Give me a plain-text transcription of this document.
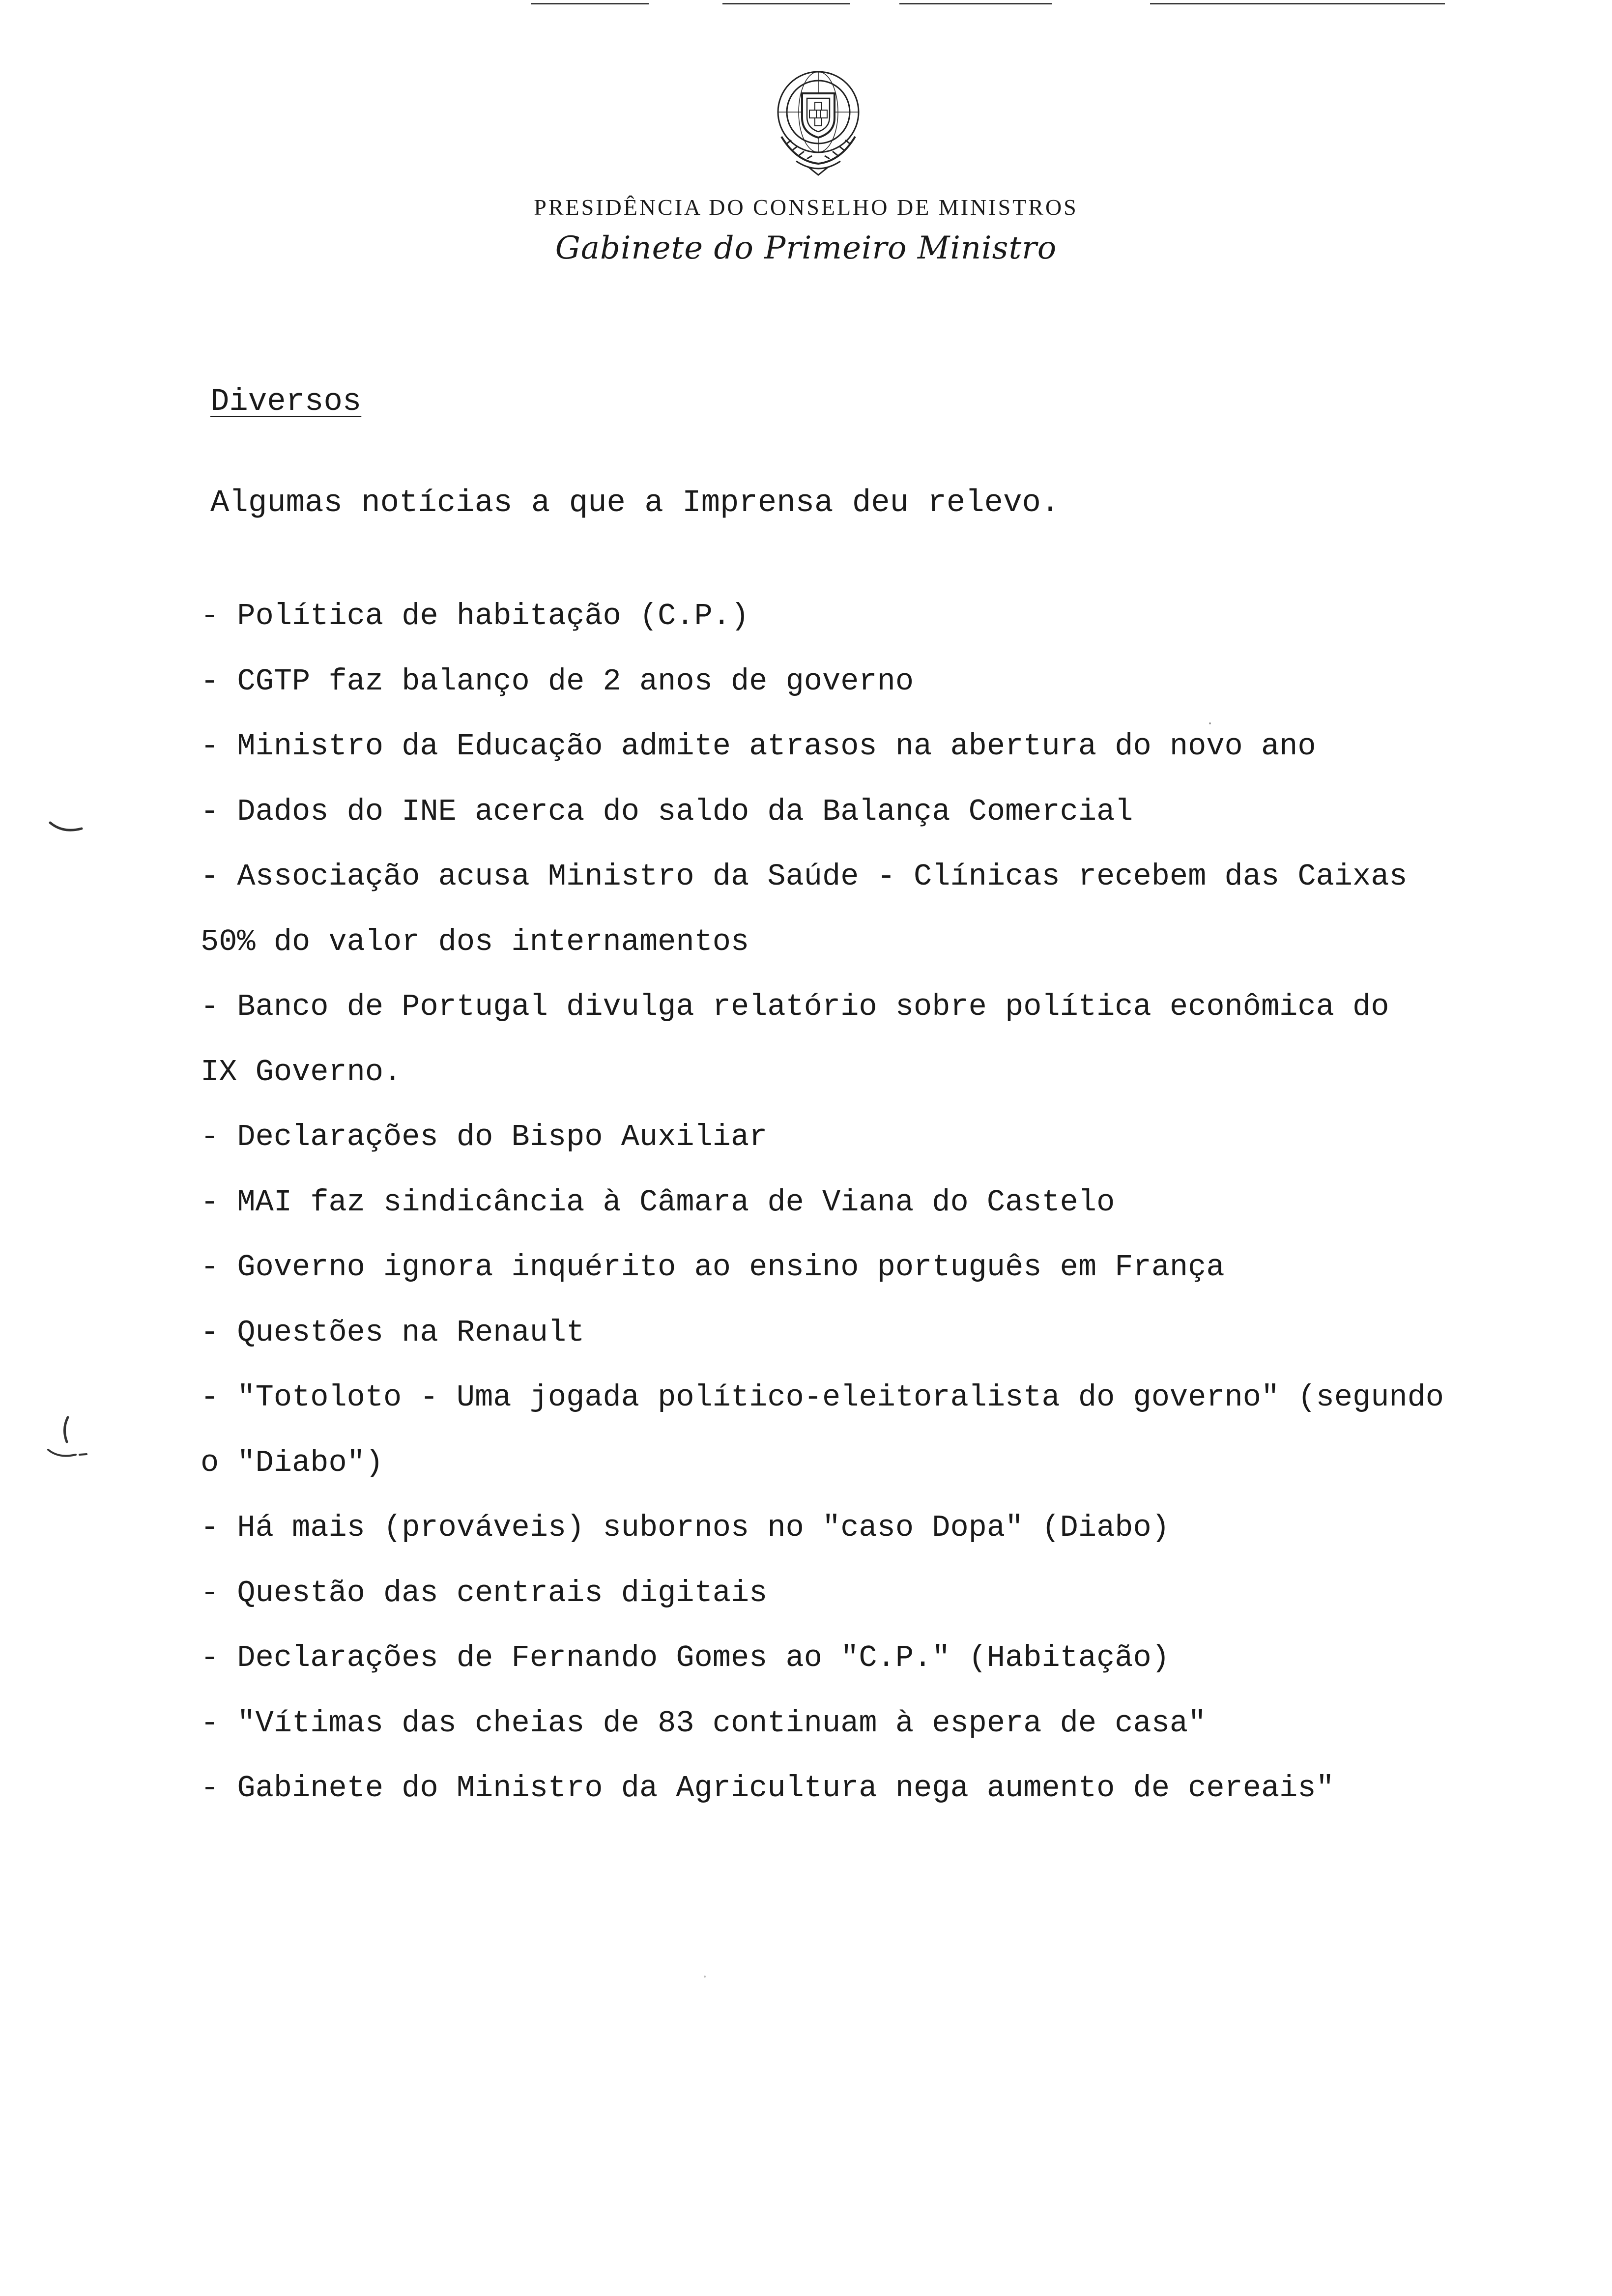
PRESIDÊNCIA DO CONSELHO DE MINISTROS
Gabinete do Primeiro Ministro
Diversos
Algumas notícias a que a Imprensa deu relevo.
- Política de habitação (C.P.)
- CGTP faz balanço de 2 anos de governo
- Ministro da Educação admite atrasos na abertura do novo ano
- Dados do INE acerca do saldo da Balança Comercial
- Associação acusa Ministro da Saúde - Clínicas recebem das Caixas
50% do valor dos internamentos
- Banco de Portugal divulga relatório sobre política econômica do
IX Governo.
- Declarações do Bispo Auxiliar
- MAI faz sindicância à Câmara de Viana do Castelo
- Governo ignora inquérito ao ensino português em França
- Questões na Renault
- "Totoloto - Uma jogada político-eleitoralista do governo" (segundo
o "Diabo")
- Há mais (prováveis) subornos no "caso Dopa" (Diabo)
- Questão das centrais digitais
- Declarações de Fernando Gomes ao "C.P." (Habitação)
- "Vítimas das cheias de 83 continuam à espera de casa"
- Gabinete do Ministro da Agricultura nega aumento de cereais"
